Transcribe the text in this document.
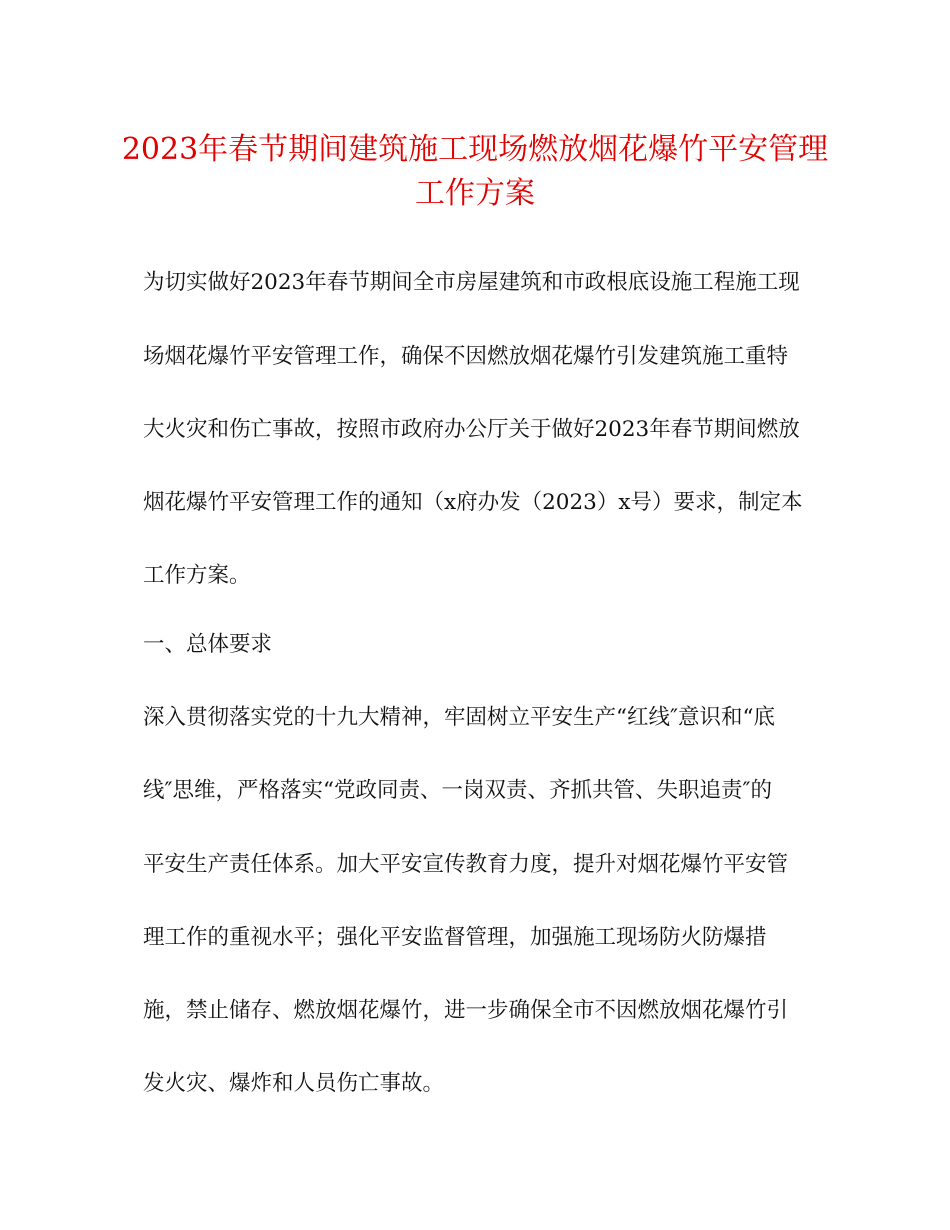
2023年春节期间建筑施工现场燃放烟花爆竹平安管理
工作方案
为切实做好2023年春节期间全市房屋建筑和市政根底设施工程施工现
场烟花爆竹平安管理工作，确保不因燃放烟花爆竹引发建筑施工重特
大火灾和伤亡事故，按照市政府办公厅关于做好2023年春节期间燃放
烟花爆竹平安管理工作的通知（x府办发（2023）x号）要求，制定本
工作方案。
一、总体要求
深入贯彻落实党的十九大精神，牢固树立平安生产“红线″意识和“底
线″思维，严格落实“党政同责、一岗双责、齐抓共管、失职追责″的
平安生产责任体系。加大平安宣传教育力度，提升对烟花爆竹平安管
理工作的重视水平；强化平安监督管理，加强施工现场防火防爆措
施，禁止储存、燃放烟花爆竹，进一步确保全市不因燃放烟花爆竹引
发火灾、爆炸和人员伤亡事故。
